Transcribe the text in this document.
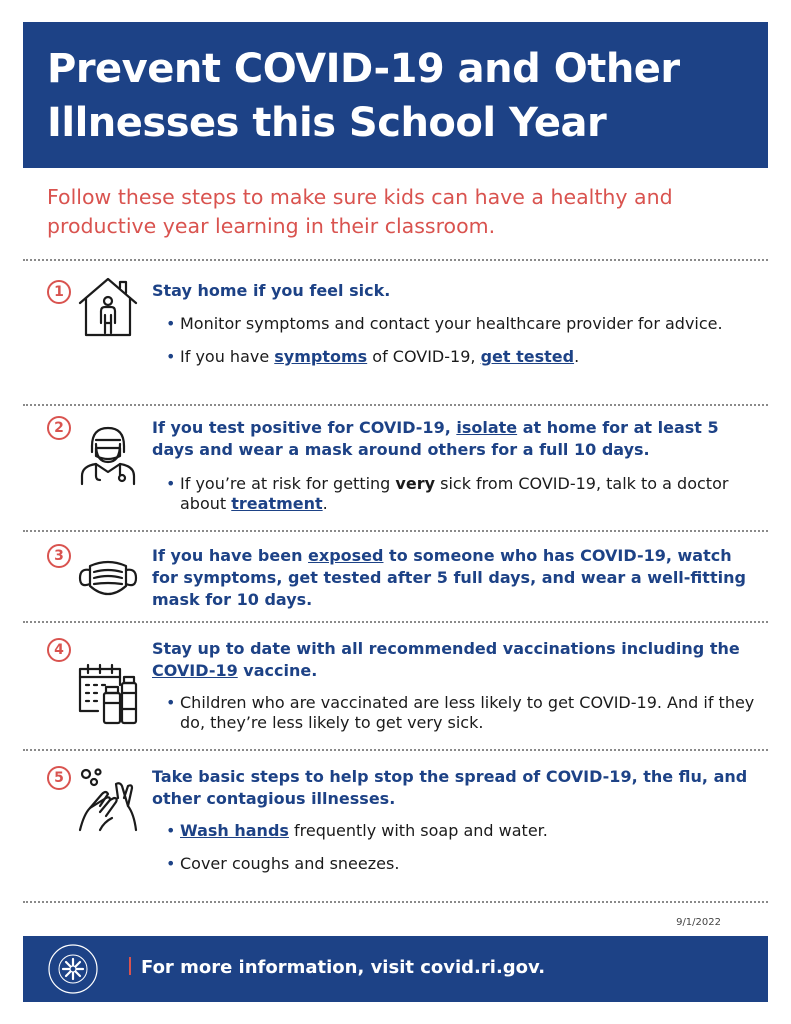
Prevent COVID-19 and Other Illnesses this School Year

Follow these steps to make sure kids can have a healthy and productive year learning in their classroom.

1	Stay home if you feel sick.

• Monitor symptoms and contact your healthcare provider for advice.
• If you have symptoms of COVID-19, get tested.
2	If you test positive for COVID-19, isolate at home for at least 5 days and wear a mask around others for a full 10 days.

• If you’re at risk for getting very sick from COVID-19, talk to a doctor about treatment.
3	If you have been exposed to someone who has COVID-19, watch for symptoms, get tested after 5 full days, and wear a well-fitting mask for 10 days.

4	Stay up to date with all recommended vaccinations including the COVID-19 vaccine.

• Children who are vaccinated are less likely to get COVID-19. And if they do, they’re less likely to get very sick.
5	Take basic steps to help stop the spread of COVID-19, the flu, and other contagious illnesses.

• Wash hands frequently with soap and water.
• Cover coughs and sneezes.
9/1/2022
For more information, visit covid.ri.gov.
